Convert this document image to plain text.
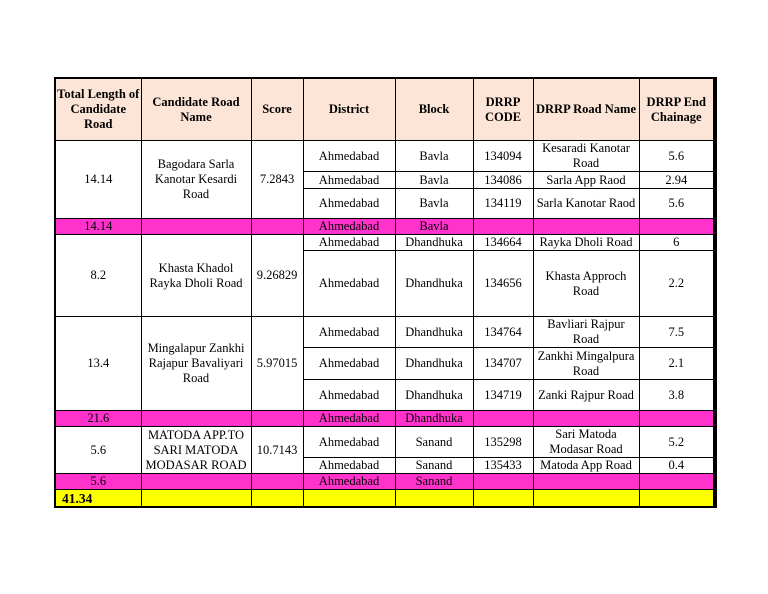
Total Length of Candidate Road	Candidate Road Name	Score	District	Block	DRRP CODE	DRRP Road Name	DRRP End Chainage
14.14	Bagodara Sarla Kanotar Kesardi Road	7.2843	Ahmedabad	Bavla	134094	Kesaradi Kanotar Road	5.6
			Ahmedabad	Bavla	134086	Sarla App Raod	2.94
			Ahmedabad	Bavla	134119	Sarla Kanotar Raod	5.6
14.14			Ahmedabad	Bavla			
8.2	Khasta Khadol Rayka Dholi Road	9.26829	Ahmedabad	Dhandhuka	134664	Rayka Dholi Road	6
			Ahmedabad	Dhandhuka	134656	Khasta Approch Road	2.2
13.4	Mingalapur Zankhi Rajapur Bavaliyari Road	5.97015	Ahmedabad	Dhandhuka	134764	Bavliari Rajpur Road	7.5
			Ahmedabad	Dhandhuka	134707	Zankhi Mingalpura Road	2.1
			Ahmedabad	Dhandhuka	134719	Zanki Rajpur Road	3.8
21.6			Ahmedabad	Dhandhuka			
5.6	MATODA APP.TO SARI MATODA MODASAR ROAD	10.7143	Ahmedabad	Sanand	135298	Sari Matoda Modasar Road	5.2
			Ahmedabad	Sanand	135433	Matoda App Road	0.4
5.6			Ahmedabad	Sanand			
41.34							
